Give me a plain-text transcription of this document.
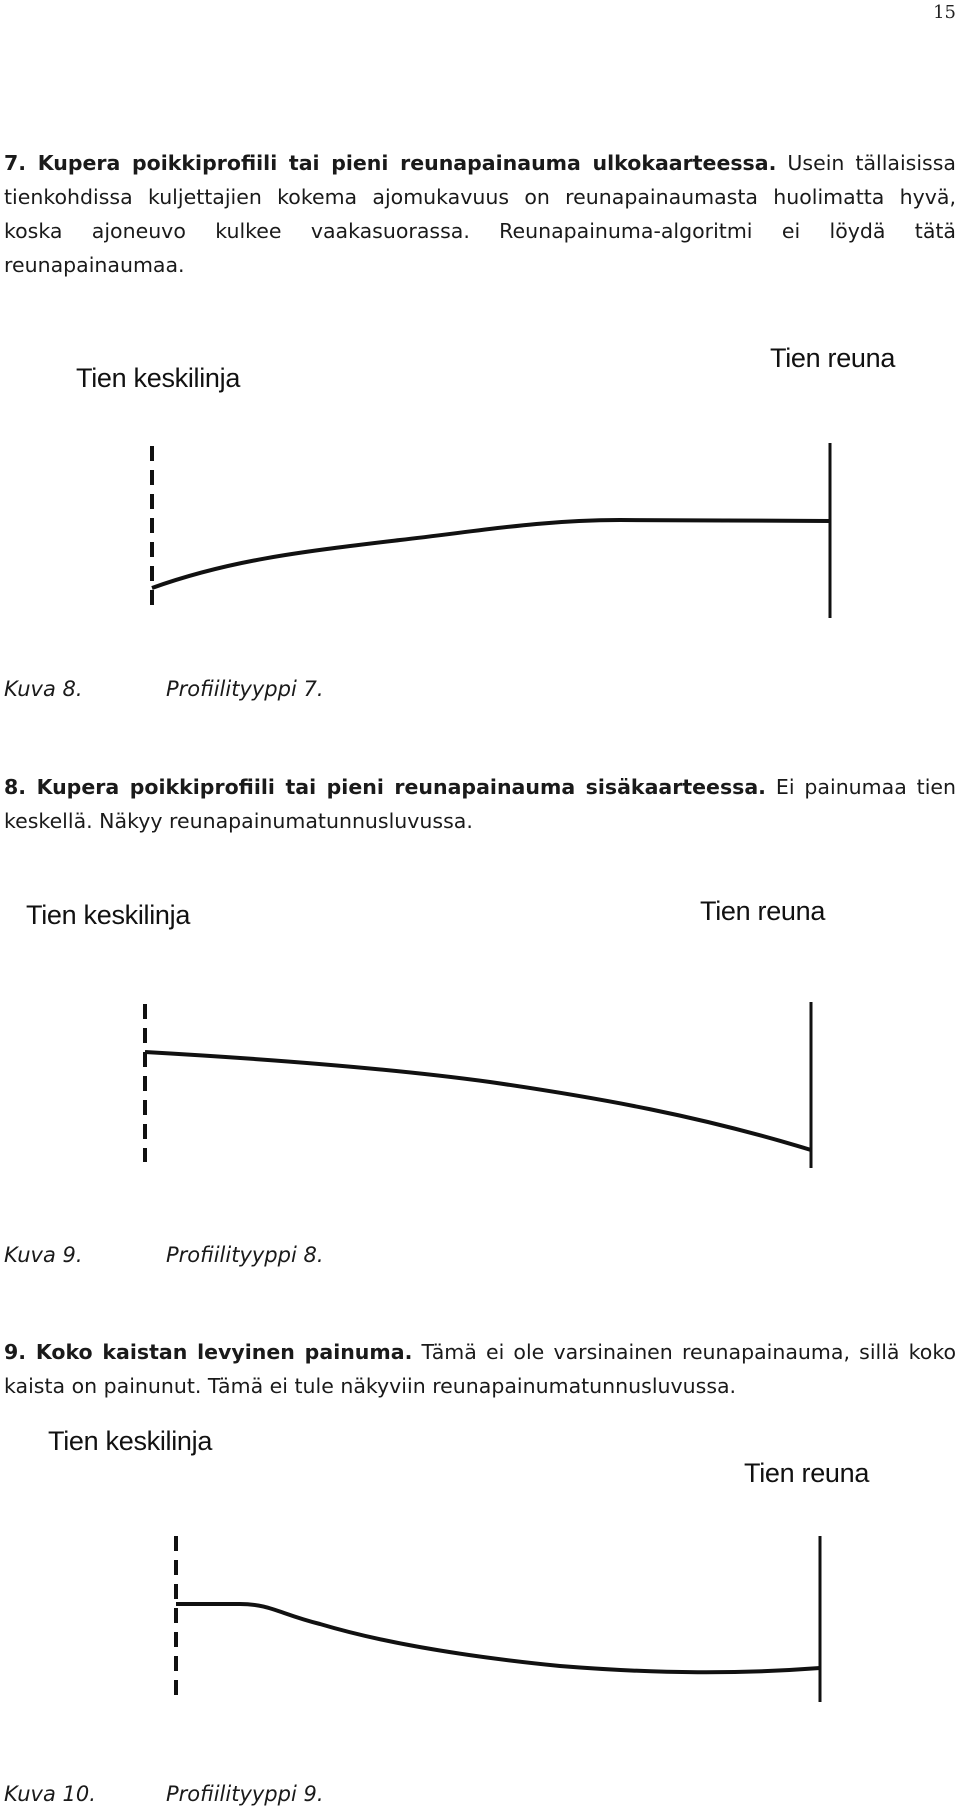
15
7. Kupera poikkiprofiili tai pieni reunapainauma ulkokaarteessa. Usein tällaisissa tienkohdissa kuljettajien kokema ajomukavuus on reunapainaumasta huolimatta hyvä, koska ajoneuvo kulkee vaakasuorassa. Reunapainuma-algoritmi ei löydä tätä reunapainaumaa.
Tien keskilinja
Tien reuna
Kuva 8.	Profiilityyppi 7.
8. Kupera poikkiprofiili tai pieni reunapainauma sisäkaarteessa. Ei painumaa tien keskellä. Näkyy reunapainumatunnusluvussa.
Tien keskilinja	Tien reuna
Kuva 9.	Profiilityyppi 8.
9. Koko kaistan levyinen painuma. Tämä ei ole varsinainen reunapainauma, sillä koko kaista on painunut. Tämä ei tule näkyviin reunapainumatunnusluvussa.
Tien keskilinja
Tien reuna
Kuva 10.	Profiilityyppi 9.
